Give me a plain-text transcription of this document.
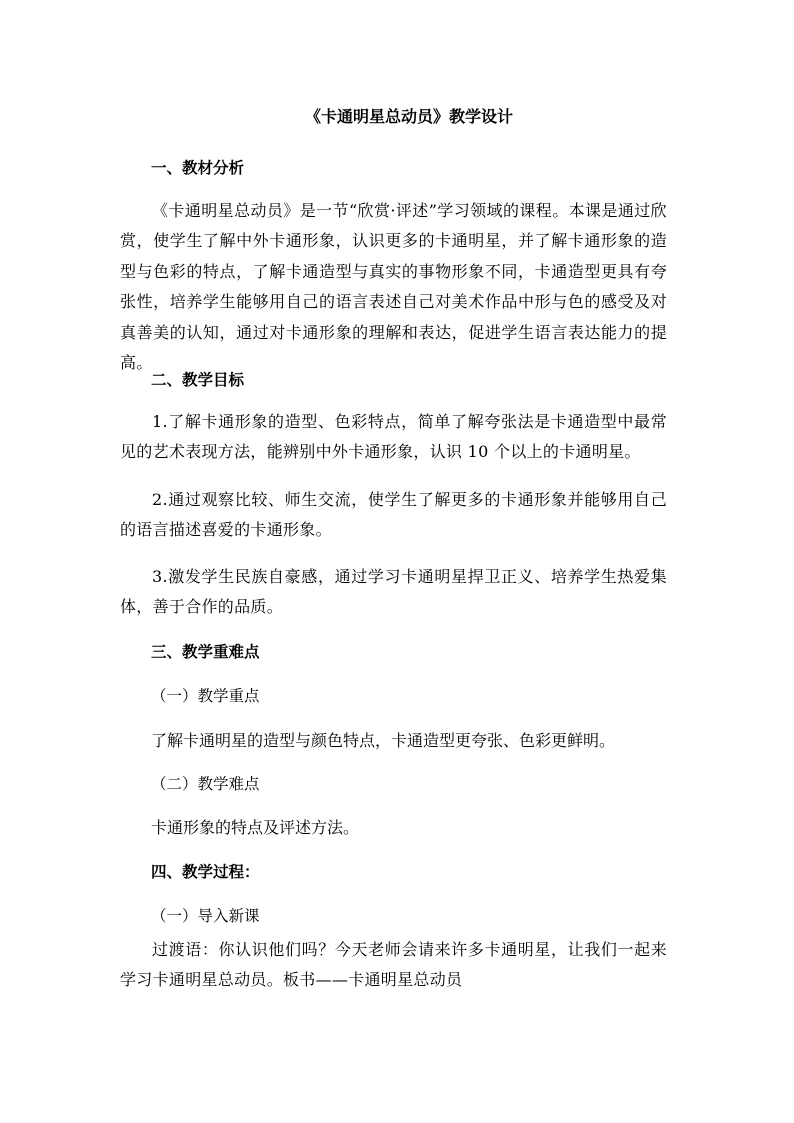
《卡通明星总动员》教学设计
一、教材分析

《卡通明星总动员》是一节“欣赏·评述”学习领域的课程。本课是通过欣赏，使学生了解中外卡通形象，认识更多的卡通明星，并了解卡通形象的造型与色彩的特点，了解卡通造型与真实的事物形象不同，卡通造型更具有夸张性，培养学生能够用自己的语言表述自己对美术作品中形与色的感受及对真善美的认知，通过对卡通形象的理解和表达，促进学生语言表达能力的提高。

二、教学目标

1.了解卡通形象的造型、色彩特点，简单了解夸张法是卡通造型中最常见的艺术表现方法，能辨别中外卡通形象，认识 10 个以上的卡通明星。

2.通过观察比较、师生交流，使学生了解更多的卡通形象并能够用自己的语言描述喜爱的卡通形象。

3.激发学生民族自豪感，通过学习卡通明星捍卫正义、培养学生热爱集体，善于合作的品质。

三、教学重难点

（一）教学重点

了解卡通明星的造型与颜色特点，卡通造型更夸张、色彩更鲜明。

（二）教学难点

卡通形象的特点及评述方法。

四、教学过程：

（一）导入新课

过渡语：你认识他们吗？今天老师会请来许多卡通明星，让我们一起来学习卡通明星总动员。板书——卡通明星总动员
